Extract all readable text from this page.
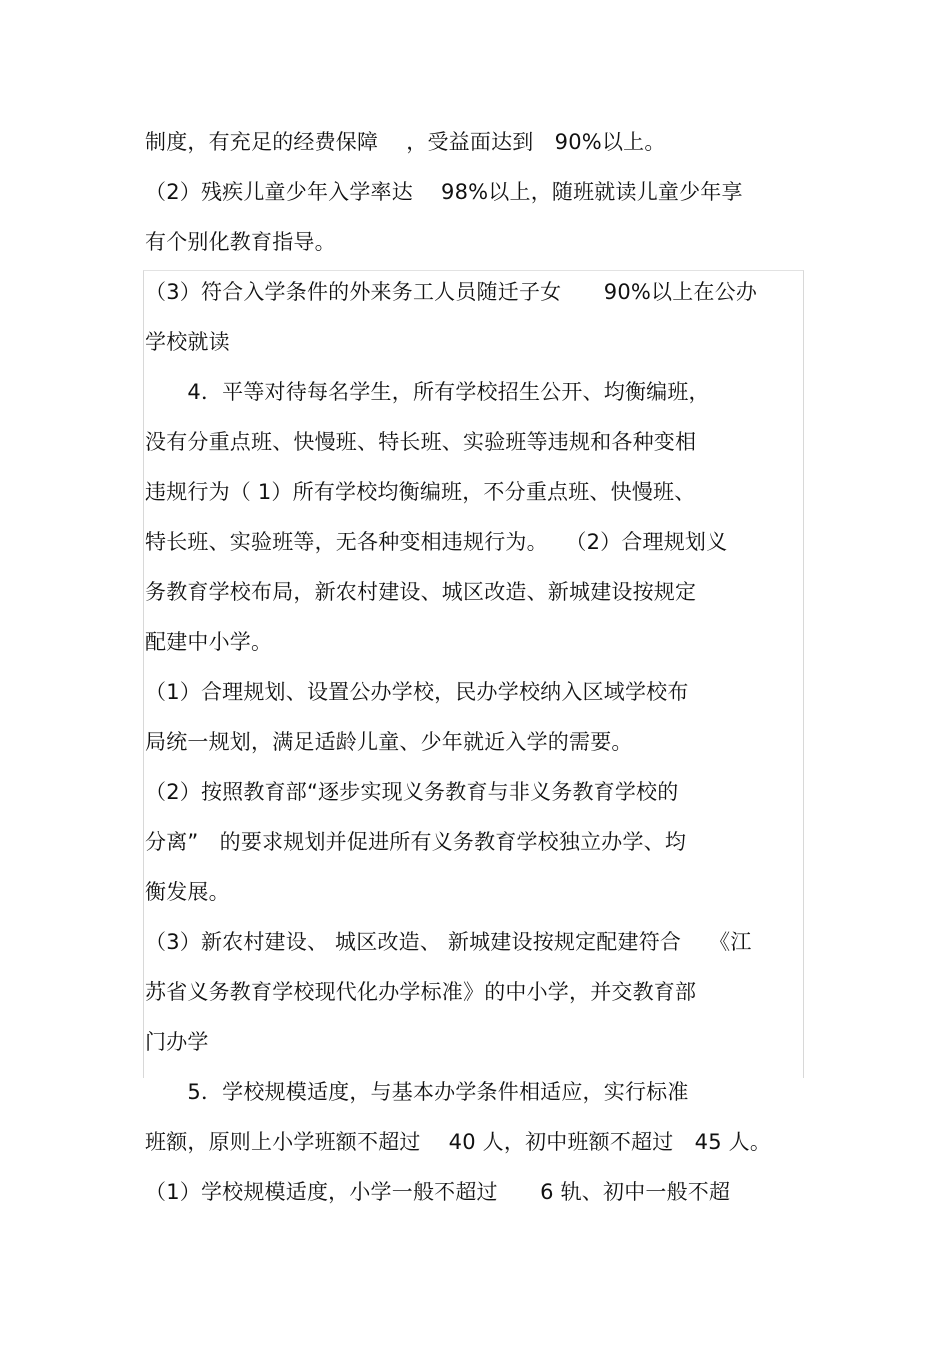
制度，有充足的经费保障　 ，受益面达到　90%以上。
（2）残疾儿童少年入学率达　 98%以上，随班就读儿童少年享
有个别化教育指导。
（3）符合入学条件的外来务工人员随迁子女　　90%以上在公办
学校就读
　　4．平等对待每名学生，所有学校招生公开、均衡编班，
没有分重点班、快慢班、特长班、实验班等违规和各种变相
违规行为（ 1）所有学校均衡编班，不分重点班、快慢班、
特长班、实验班等，无各种变相违规行为。　 （2）合理规划义
务教育学校布局，新农村建设、城区改造、新城建设按规定
配建中小学。
（1）合理规划、设置公办学校，民办学校纳入区域学校布
局统一规划，满足适龄儿童、少年就近入学的需要。
（2）按照教育部“逐步实现义务教育与非义务教育学校的
分离”　的要求规划并促进所有义务教育学校独立办学、均
衡发展。
（3）新农村建设、 城区改造、 新城建设按规定配建符合　 《江
苏省义务教育学校现代化办学标准》的中小学，并交教育部
门办学
　　5．学校规模适度，与基本办学条件相适应，实行标准
班额，原则上小学班额不超过　 40 人，初中班额不超过　45 人。
（1）学校规模适度，小学一般不超过　　6 轨、初中一般不超
